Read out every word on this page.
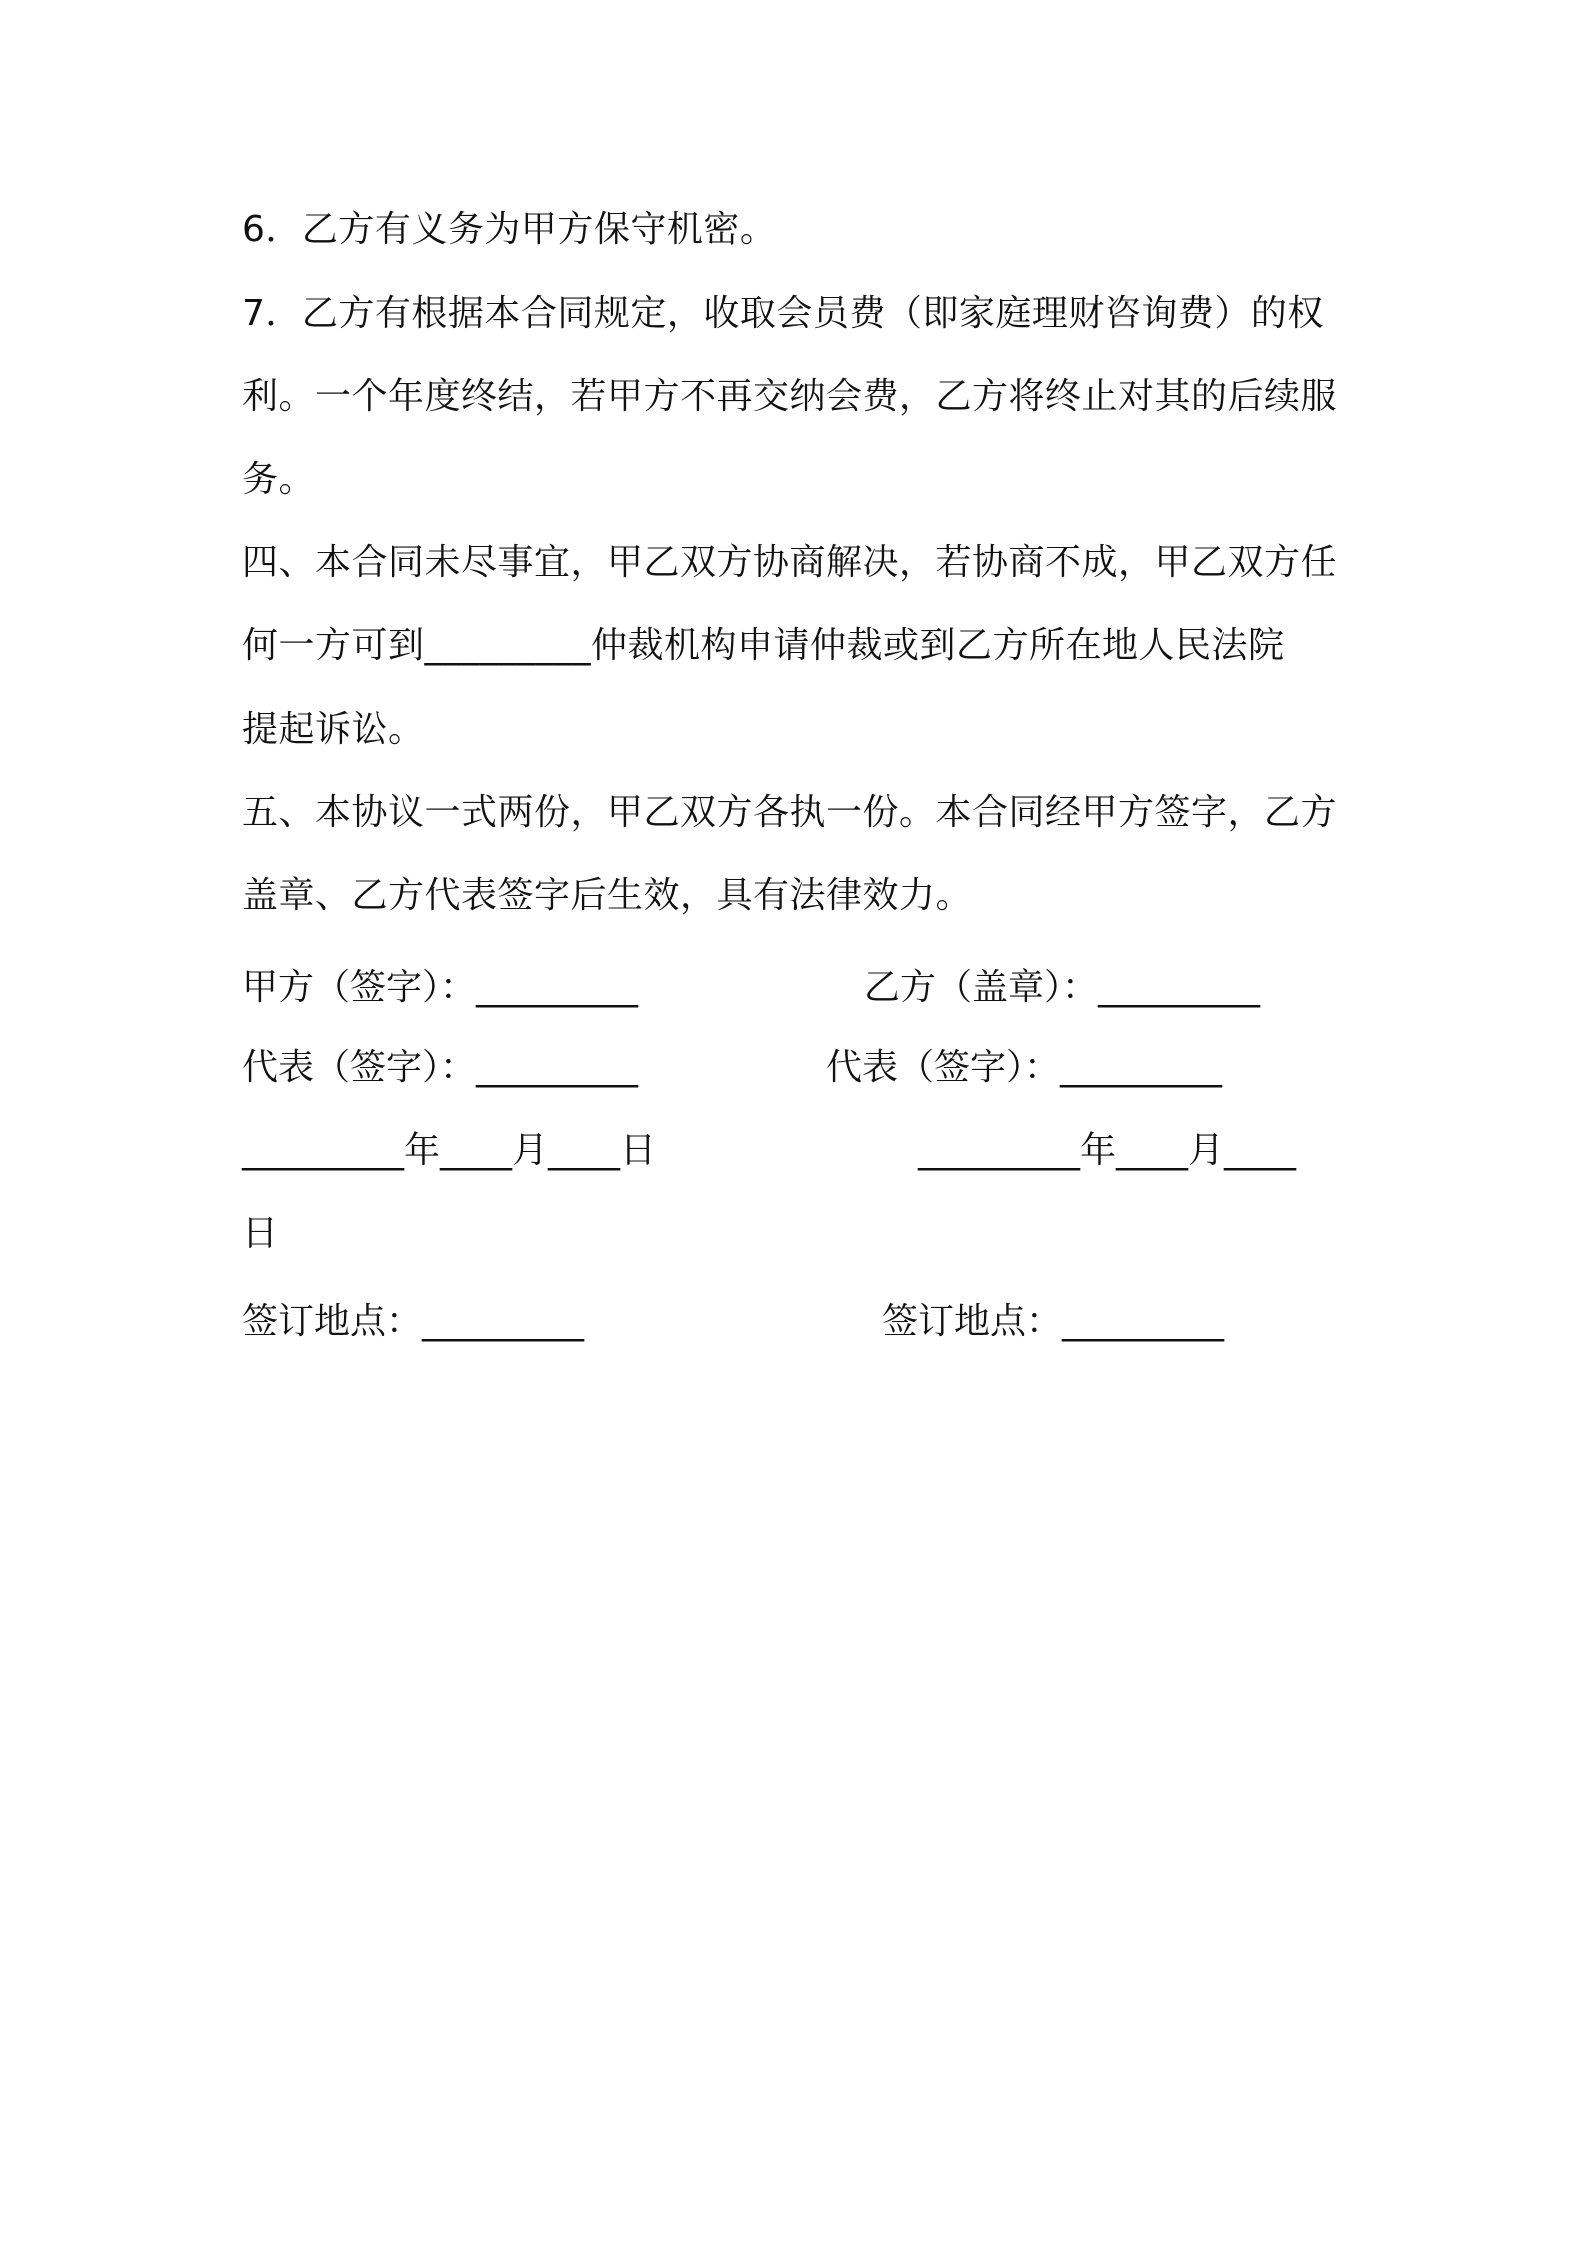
6．乙方有义务为甲方保守机密。
7．乙方有根据本合同规定，收取会员费（即家庭理财咨询费）的权
利。一个年度终结，若甲方不再交纳会费，乙方将终止对其的后续服
务。
四、本合同未尽事宜，甲乙双方协商解决，若协商不成，甲乙双方任
何一方可到_________仲裁机构申请仲裁或到乙方所在地人民法院
提起诉讼。
五、本协议一式两份，甲乙双方各执一份。本合同经甲方签字，乙方
盖章、乙方代表签字后生效，具有法律效力。
甲方（签字）：_________	乙方（盖章）：_________
代表（签字）：_________	代表（签字）：_________
_________年____月____日	_________年____月____
日
签订地点：_________	签订地点：_________
